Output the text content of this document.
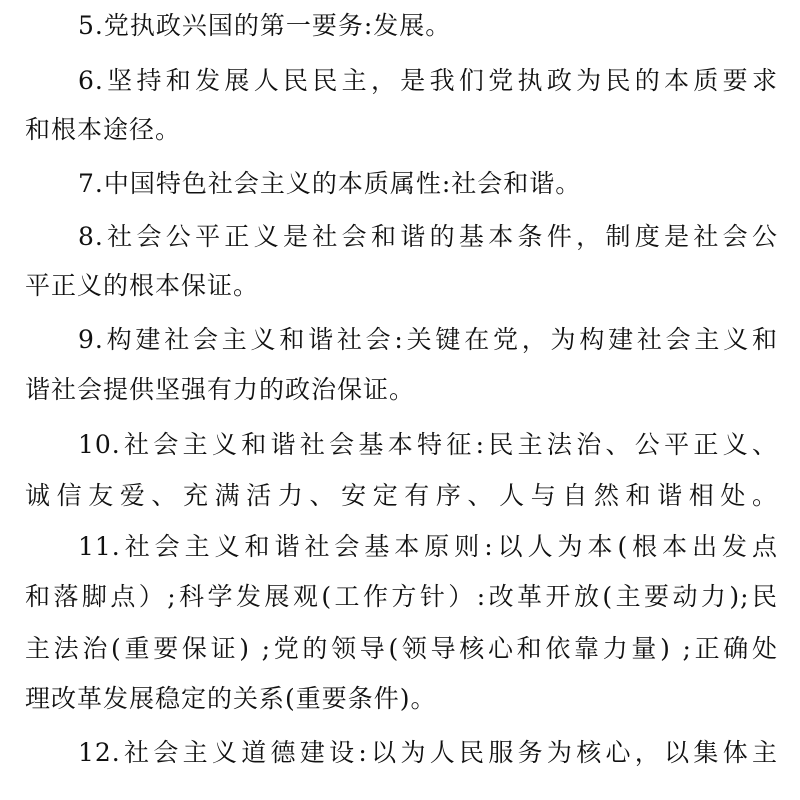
5.党执政兴国的第一要务:发展。
6.坚持和发展人民民主，是我们党执政为民的本质要求
和根本途径。
7.中国特色社会主义的本质属性:社会和谐。
8.社会公平正义是社会和谐的基本条件，制度是社会公
平正义的根本保证。
9.构建社会主义和谐社会:关键在党，为构建社会主义和
谐社会提供坚强有力的政治保证。
10.社会主义和谐社会基本特征:民主法治、公平正义、
诚信友爱、充满活力、安定有序、人与自然和谐相处。
11.社会主义和谐社会基本原则:以人为本(根本出发点
和落脚点）;科学发展观(工作方针）:改革开放(主要动力);民
主法治(重要保证) ;党的领导(领导核心和依靠力量) ;正确处
理改革发展稳定的关系(重要条件)。
12.社会主义道德建设:以为人民服务为核心，以集体主
